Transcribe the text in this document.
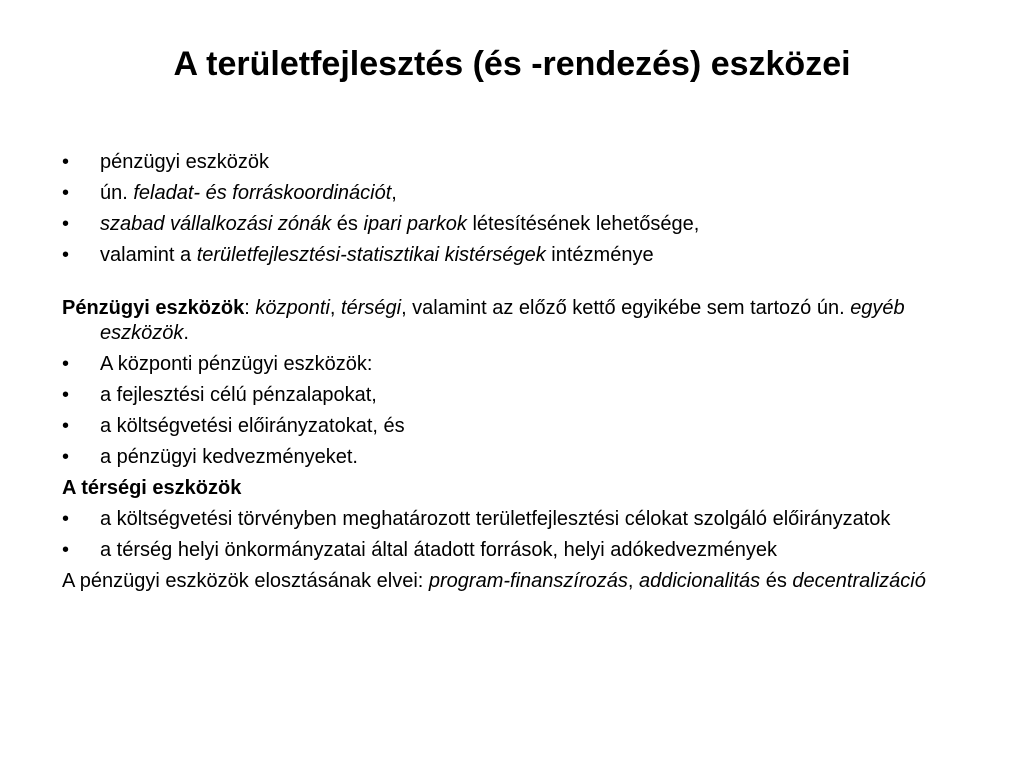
A területfejlesztés (és -rendezés) eszközei
• pénzügyi eszközök
• ún. feladat- és forráskoordinációt,
• szabad vállalkozási zónák és ipari parkok létesítésének lehetősége,
• valamint a területfejlesztési-statisztikai kistérségek intézménye
Pénzügyi eszközök: központi, térségi, valamint az előző kettő egyikébe sem tartozó ún. egyéb eszközök.
• A központi pénzügyi eszközök:
• a fejlesztési célú pénzalapokat,
• a költségvetési előirányzatokat, és
• a pénzügyi kedvezményeket.
A térségi eszközök
• a költségvetési törvényben meghatározott területfejlesztési célokat szolgáló előirányzatok
• a térség helyi önkormányzatai által átadott források, helyi adókedvezmények
A pénzügyi eszközök elosztásának elvei: program-finanszírozás, addicionalitás és decentralizáció
